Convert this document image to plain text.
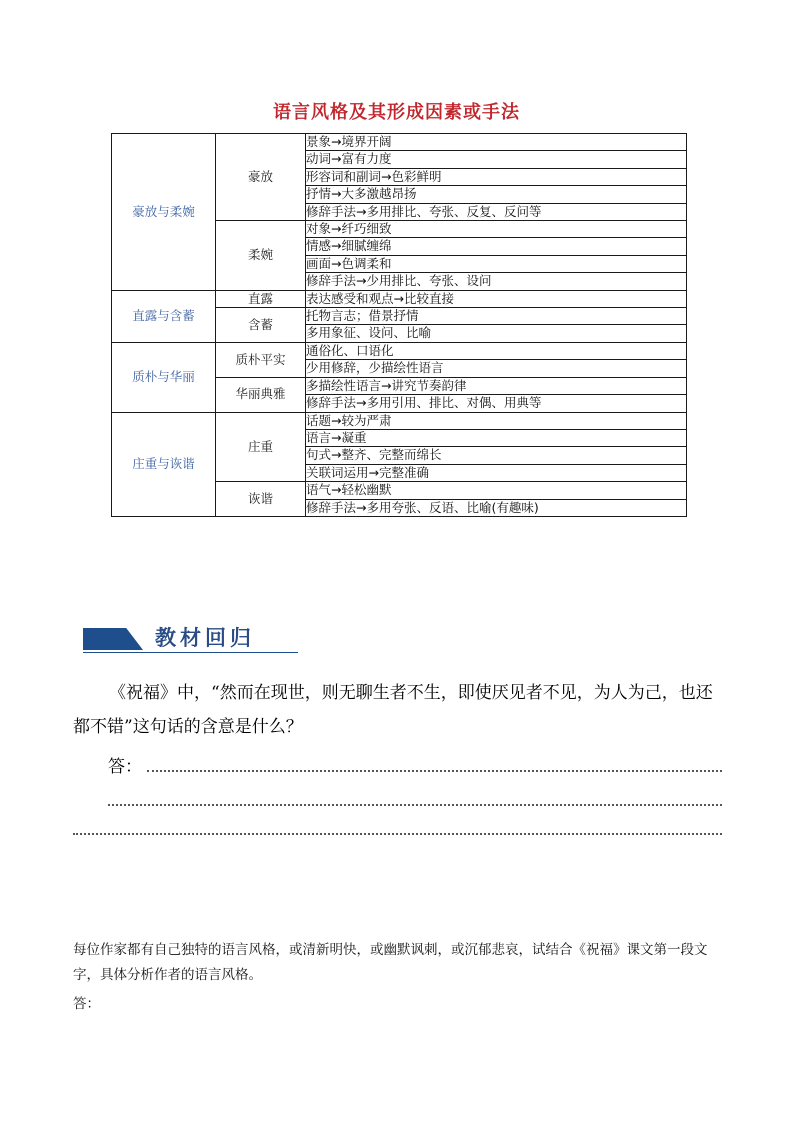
语言风格及其形成因素或手法
豪放与柔婉	豪放	景象→境界开阔
		动词→富有力度
		形容词和副词→色彩鲜明
		抒情→大多激越昂扬
		修辞手法→多用排比、夸张、反复、反问等
	柔婉	对象→纤巧细致
		情感→细腻缠绵
		画面→色调柔和
		修辞手法→少用排比、夸张、设问
直露与含蓄	直露	表达感受和观点→比较直接
	含蓄	托物言志；借景抒情
		多用象征、设问、比喻
质朴与华丽	质朴平实	通俗化、口语化
		少用修辞，少描绘性语言
	华丽典雅	多描绘性语言→讲究节奏韵律
		修辞手法→多用引用、排比、对偶、用典等
庄重与诙谐	庄重	话题→较为严肃
		语言→凝重
		句式→整齐、完整而绵长
		关联词运用→完整准确
	诙谐	语气→轻松幽默
		修辞手法→多用夸张、反语、比喻(有趣味)
教材回归
《祝福》中，“然而在现世，则无聊生者不生，即使厌见者不见，为人为己，也还都不错”这句话的含意是什么？
答：
每位作家都有自己独特的语言风格，或清新明快，或幽默讽刺，或沉郁悲哀，试结合《祝福》课文第一段文字，具体分析作者的语言风格。
答：
